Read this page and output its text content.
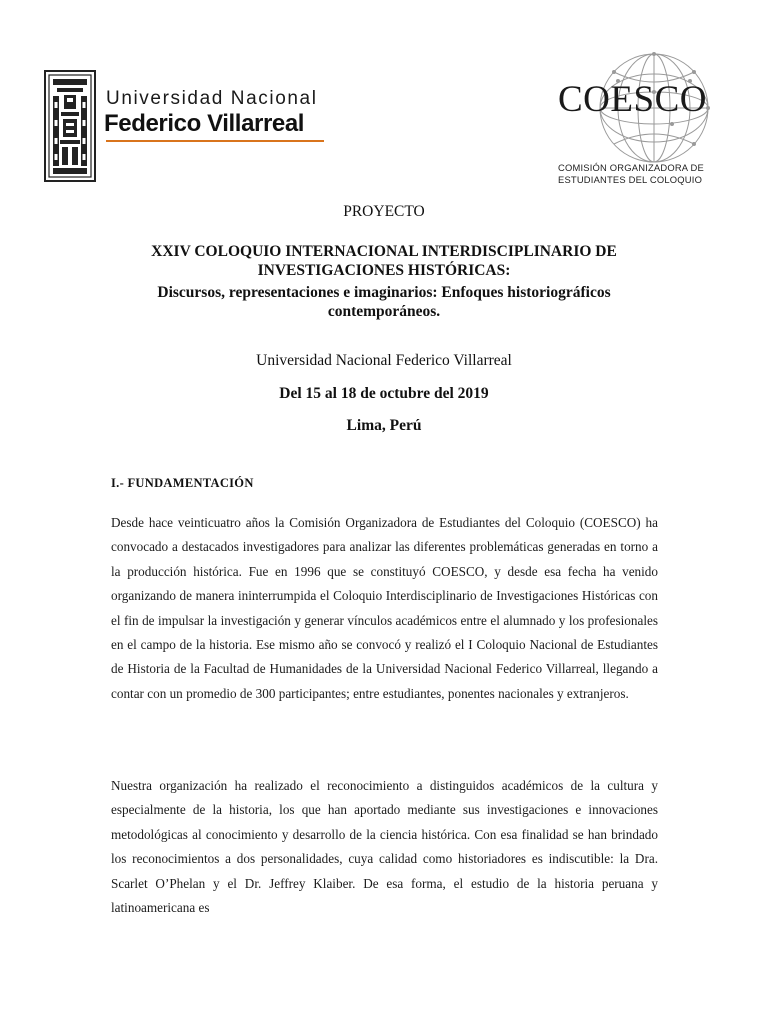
Universidad Nacional
Federico Villarreal
COESCO
COMISIÓN ORGANIZADORA DE
ESTUDIANTES DEL COLOQUIO
PROYECTO
XXIV COLOQUIO INTERNACIONAL INTERDISCIPLINARIO DE INVESTIGACIONES HISTÓRICAS:
Discursos, representaciones e imaginarios: Enfoques historiográficos contemporáneos.
Universidad Nacional Federico Villarreal
Del 15 al 18 de octubre del 2019
Lima, Perú
I.- FUNDAMENTACIÓN
Desde hace veinticuatro años la Comisión Organizadora de Estudiantes del Coloquio (COESCO) ha convocado a destacados investigadores para analizar las diferentes problemáticas generadas en torno a la producción histórica. Fue en 1996 que se constituyó COESCO, y desde esa fecha ha venido organizando de manera ininterrumpida el Coloquio Interdisciplinario de Investigaciones Históricas con el fin de impulsar la investigación y generar vínculos académicos entre el alumnado y los profesionales en el campo de la historia. Ese mismo año se convocó y realizó el I Coloquio Nacional de Estudiantes de Historia de la Facultad de Humanidades de la Universidad Nacional Federico Villarreal, llegando a contar con un promedio de 300 participantes; entre estudiantes, ponentes nacionales y extranjeros.
Nuestra organización ha realizado el reconocimiento a distinguidos académicos de la cultura y especialmente de la historia, los que han aportado mediante sus investigaciones e innovaciones metodológicas al conocimiento y desarrollo de la ciencia histórica. Con esa finalidad se han brindado los reconocimientos a dos personalidades, cuya calidad como historiadores es indiscutible: la Dra. Scarlet O’Phelan y el Dr. Jeffrey Klaiber. De esa forma, el estudio de la historia peruana y latinoamericana es
